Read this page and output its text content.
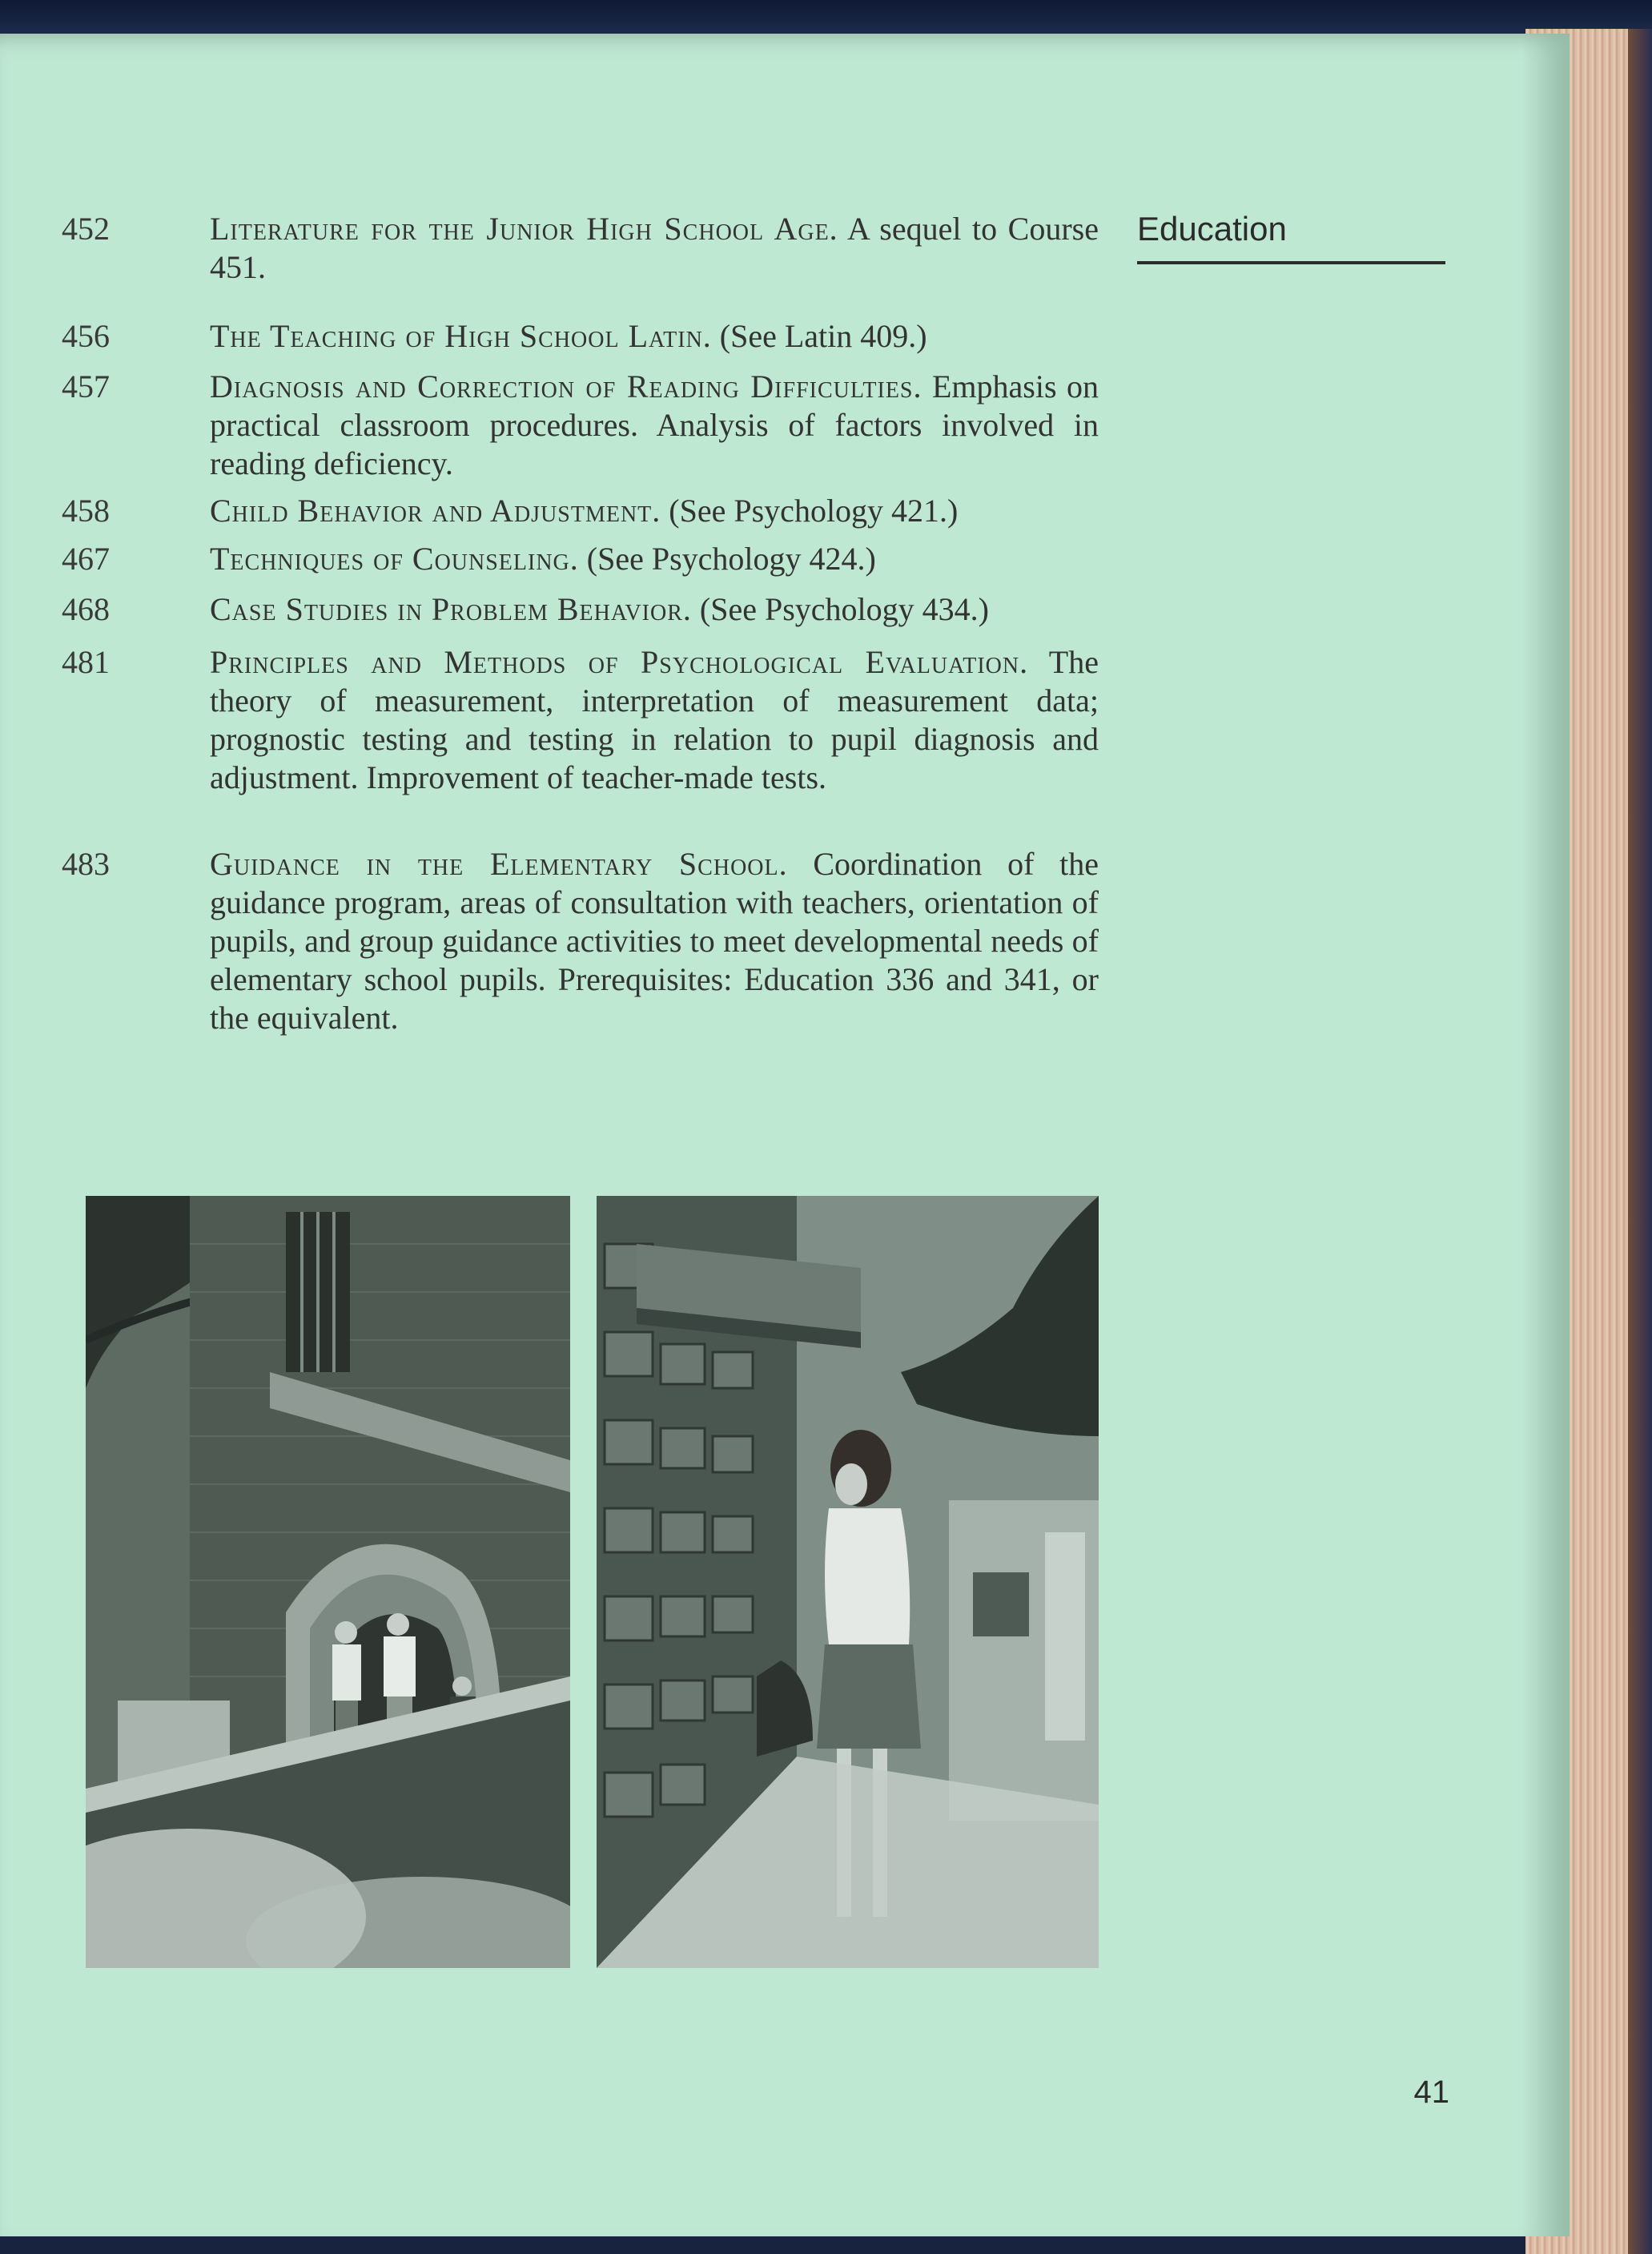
Education
452	Literature for the Junior High School Age. A sequel to Course 451.
456	The Teaching of High School Latin. (See Latin 409.)
457	Diagnosis and Correction of Reading Difficulties. Emphasis on practical classroom procedures. Analysis of factors involved in reading deficiency.
458	Child Behavior and Adjustment. (See Psychology 421.)
467	Techniques of Counseling. (See Psychology 424.)
468	Case Studies in Problem Behavior. (See Psychology 434.)
481	Principles and Methods of Psychological Evaluation. The theory of measurement, interpretation of measurement data; prognostic testing and testing in relation to pupil diagnosis and adjustment. Improvement of teacher-made tests.
483	Guidance in the Elementary School. Coordination of the guidance program, areas of consultation with teachers, orientation of pupils, and group guidance activities to meet developmental needs of elementary school pupils. Prerequisites: Education 336 and 341, or the equivalent.
41
